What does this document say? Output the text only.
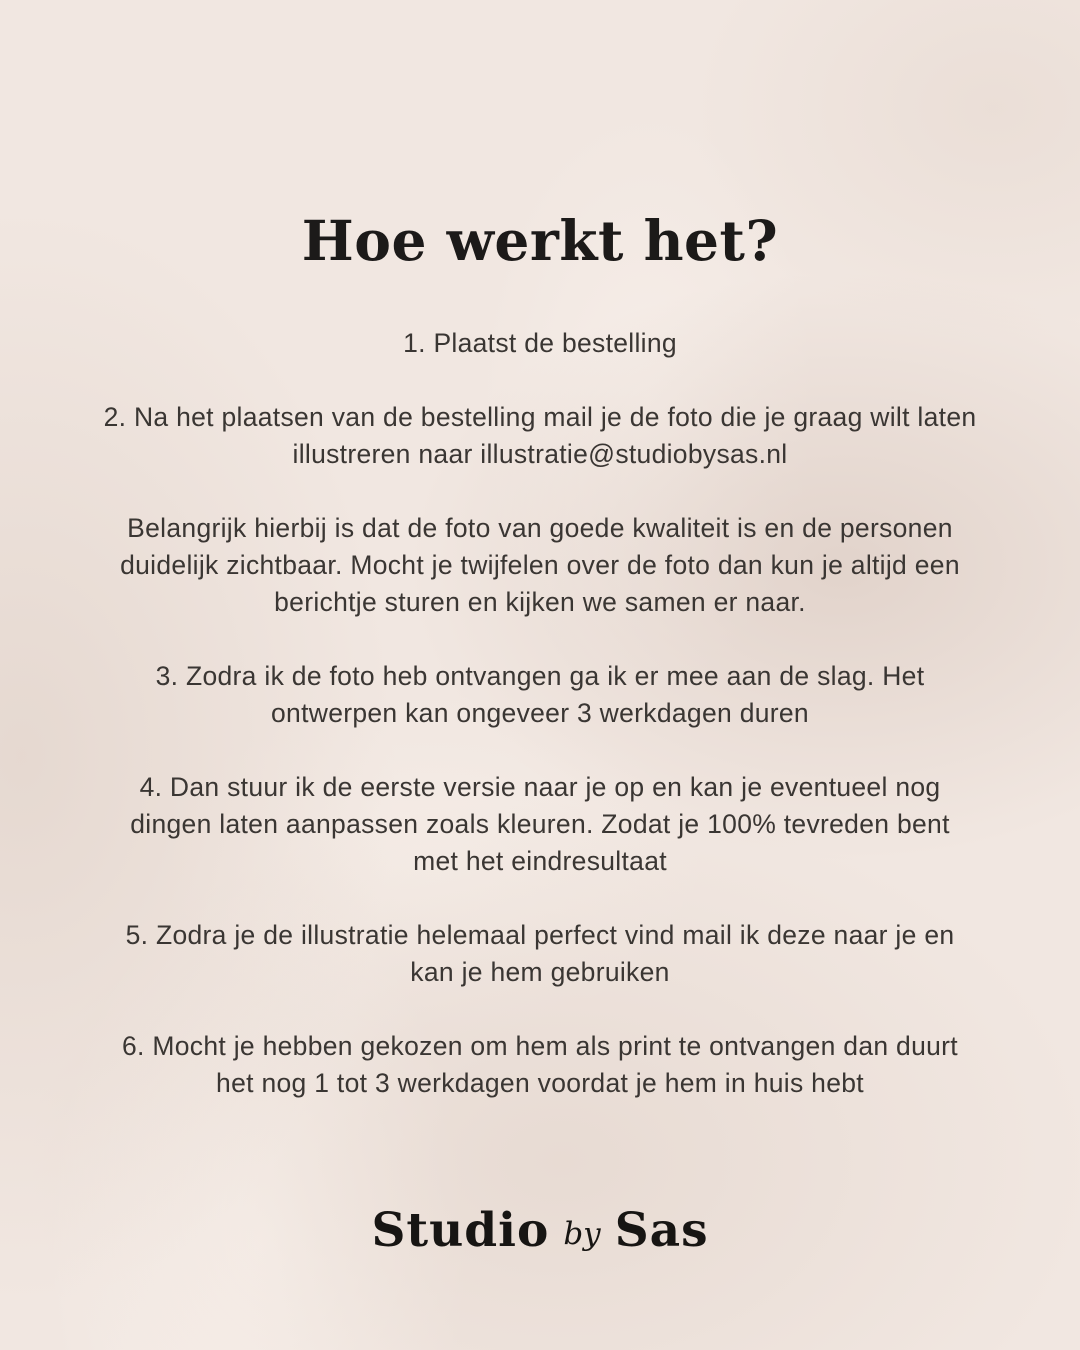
Hoe werkt het?

1. Plaatst de bestelling

2. Na het plaatsen van de bestelling mail je de foto die je graag wilt laten illustreren naar illustratie@studiobysas.nl

Belangrijk hierbij is dat de foto van goede kwaliteit is en de personen duidelijk zichtbaar. Mocht je twijfelen over de foto dan kun je altijd een berichtje sturen en kijken we samen er naar.

3. Zodra ik de foto heb ontvangen ga ik er mee aan de slag. Het ontwerpen kan ongeveer 3 werkdagen duren

4. Dan stuur ik de eerste versie naar je op en kan je eventueel nog dingen laten aanpassen zoals kleuren. Zodat je 100% tevreden bent met het eindresultaat

5. Zodra je de illustratie helemaal perfect vind mail ik deze naar je en kan je hem gebruiken

6. Mocht je hebben gekozen om hem als print te ontvangen dan duurt het nog 1 tot 3 werkdagen voordat je hem in huis hebt

Studio by Sas
